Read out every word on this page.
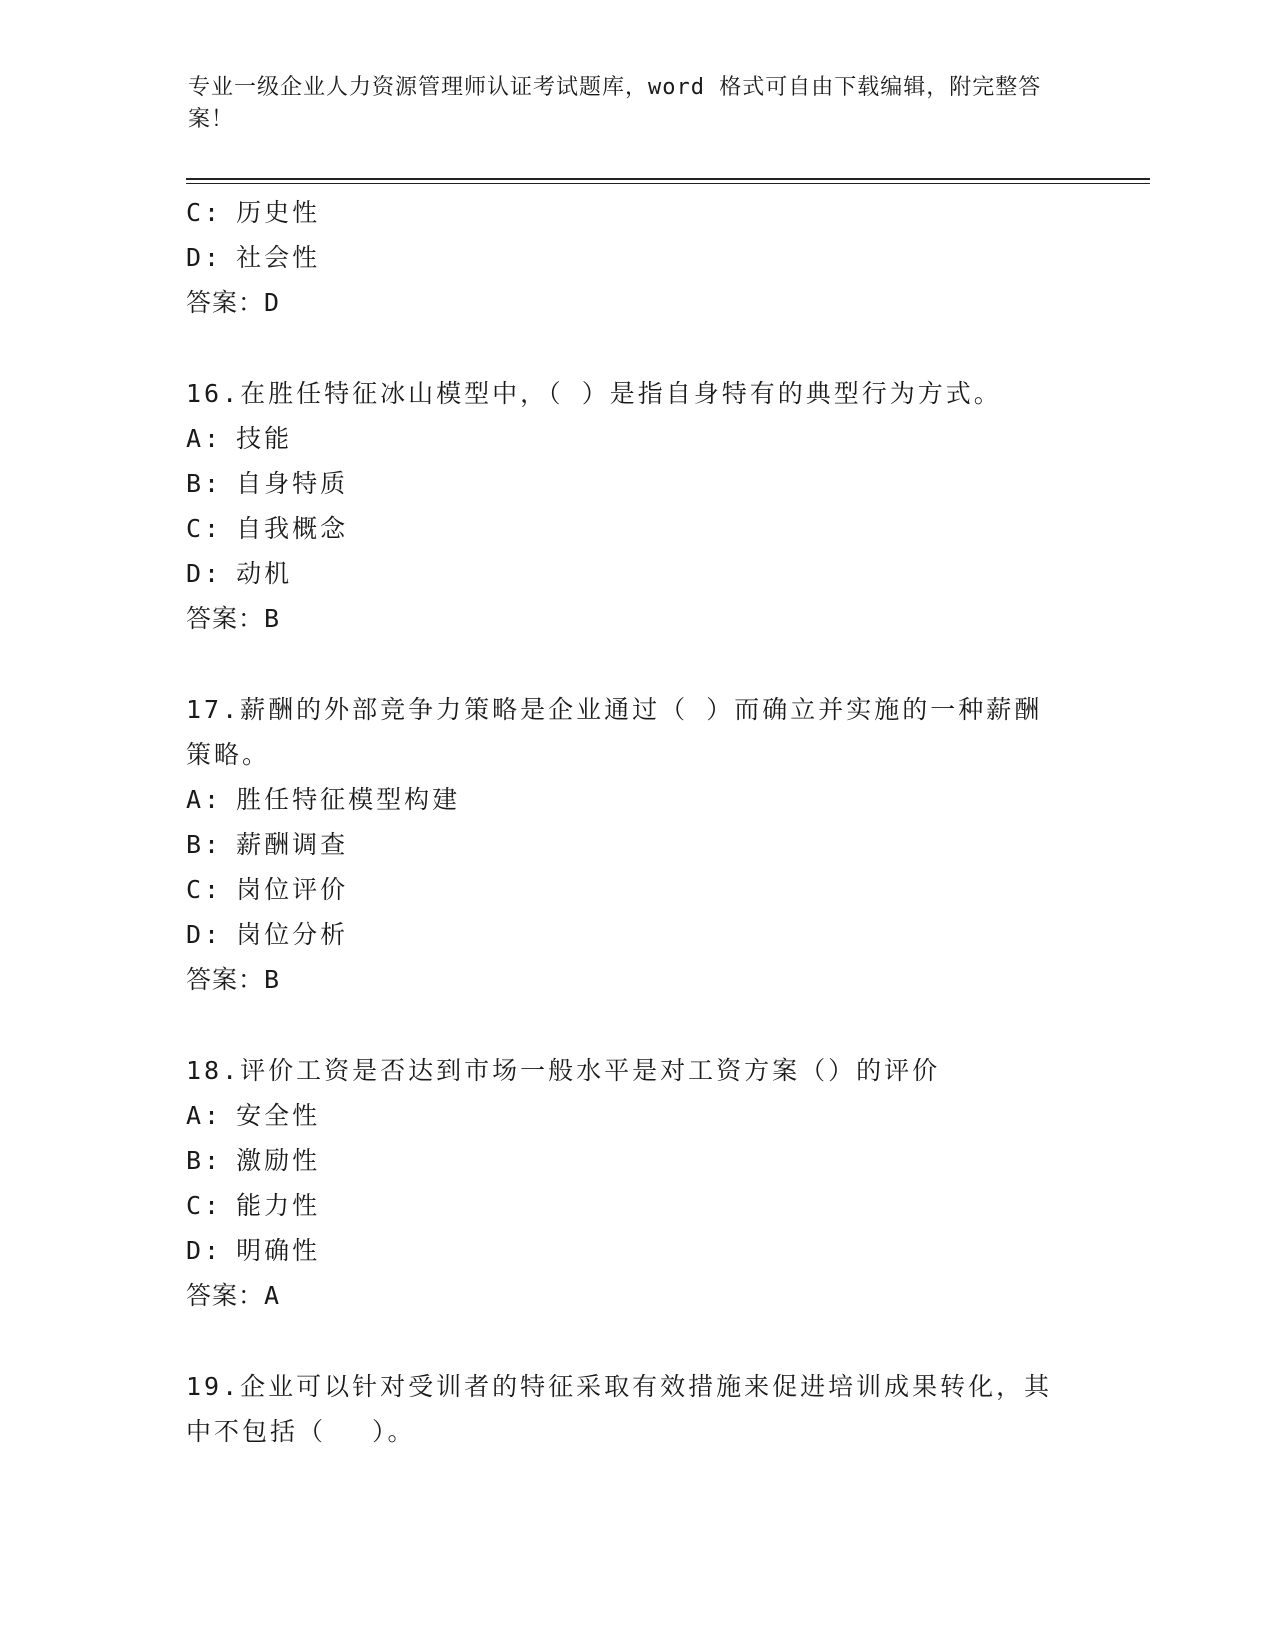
专业一级企业人力资源管理师认证考试题库，word 格式可自由下载编辑，附完整答案！
C: 历史性
D: 社会性
答案：D
16.在胜任特征冰山模型中，（ ）是指自身特有的典型行为方式。
A: 技能
B: 自身特质
C: 自我概念
D: 动机
答案：B
17.薪酬的外部竞争力策略是企业通过（ ）而确立并实施的一种薪酬
策略。
A: 胜任特征模型构建
B: 薪酬调查
C: 岗位评价
D: 岗位分析
答案：B
18.评价工资是否达到市场一般水平是对工资方案（）的评价
A: 安全性
B: 激励性
C: 能力性
D: 明确性
答案：A
19.企业可以针对受训者的特征采取有效措施来促进培训成果转化，其
中不包括（　 ）。
